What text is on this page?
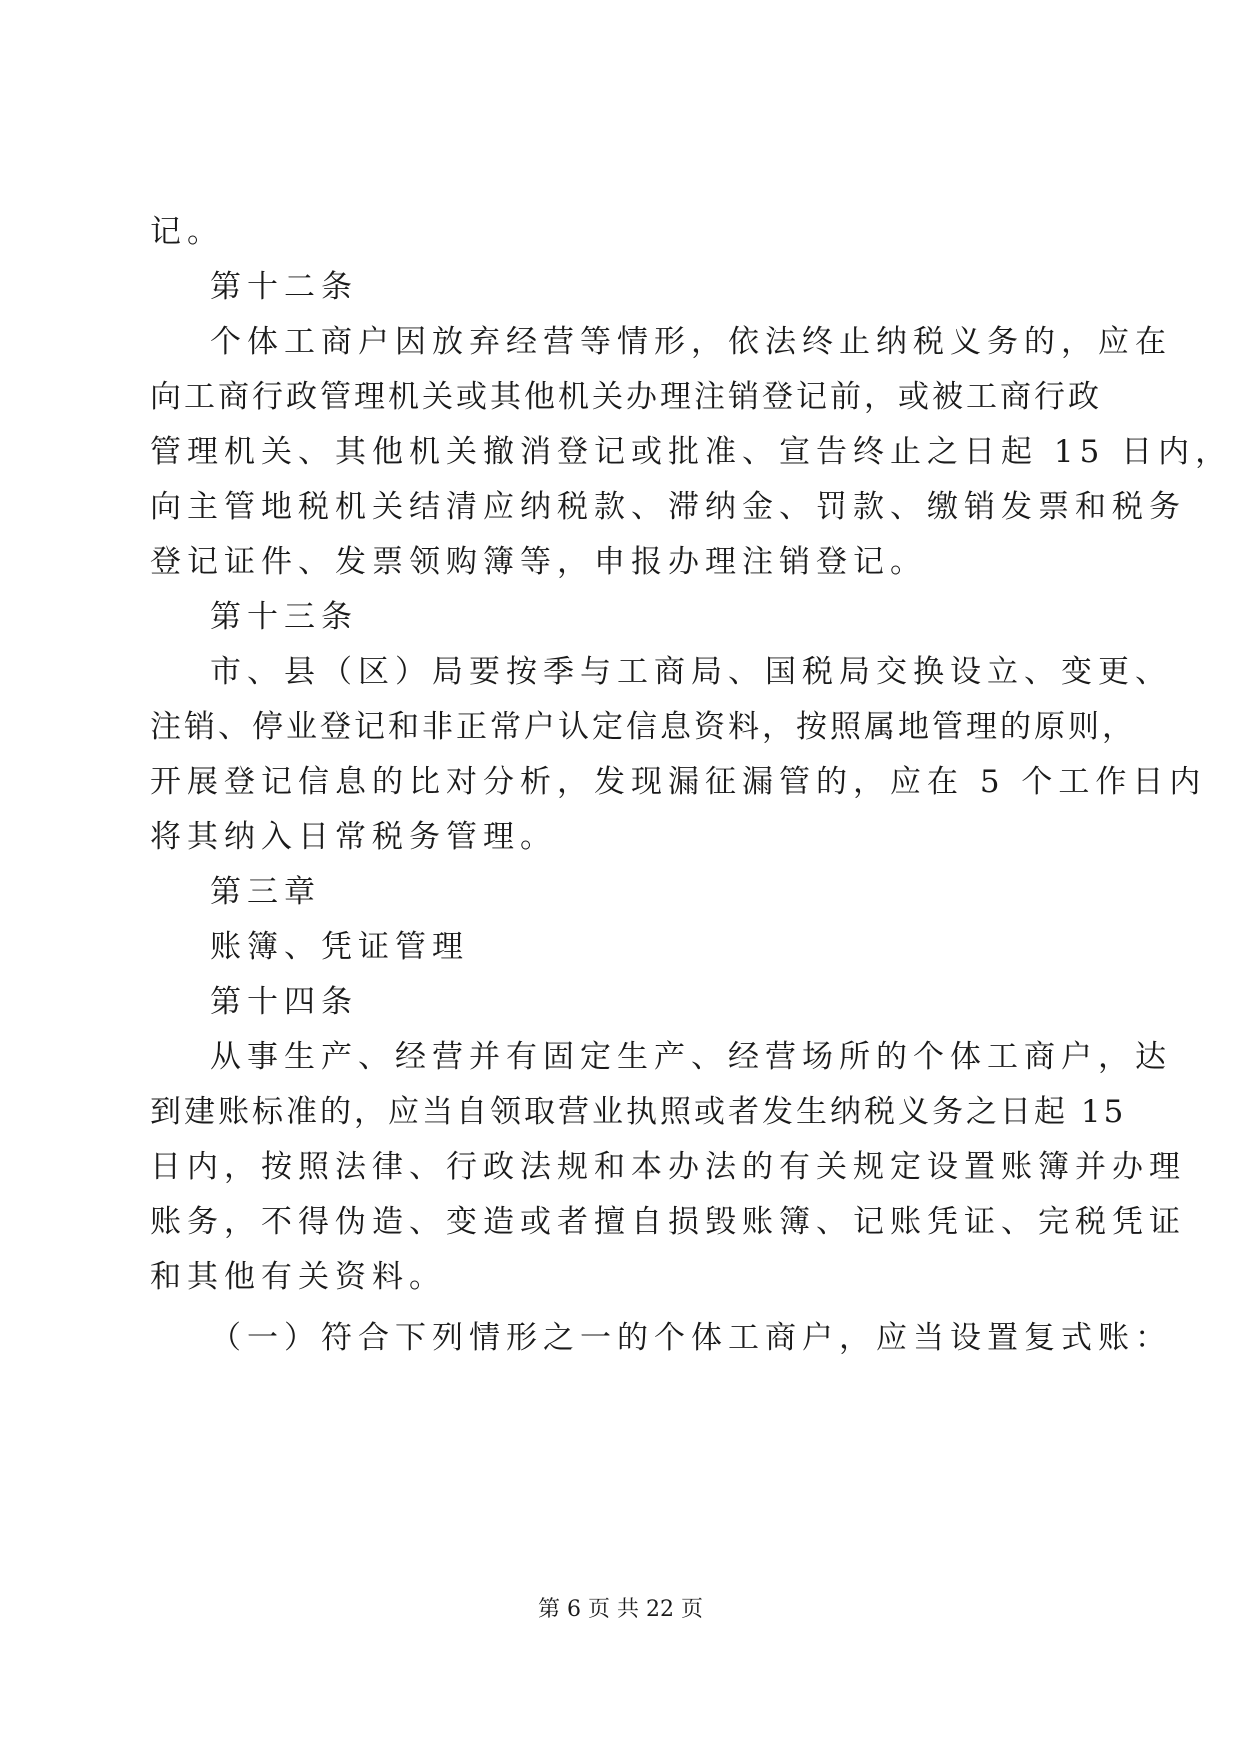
记。
第十二条
个体工商户因放弃经营等情形，依法终止纳税义务的，应在
向工商行政管理机关或其他机关办理注销登记前，或被工商行政
管理机关、其他机关撤消登记或批准、宣告终止之日起 15 日内，
向主管地税机关结清应纳税款、滞纳金、罚款、缴销发票和税务
登记证件、发票领购簿等，申报办理注销登记。
第十三条
市、县（区）局要按季与工商局、国税局交换设立、变更、
注销、停业登记和非正常户认定信息资料，按照属地管理的原则，
开展登记信息的比对分析，发现漏征漏管的，应在 5 个工作日内
将其纳入日常税务管理。
第三章
账簿、凭证管理
第十四条
从事生产、经营并有固定生产、经营场所的个体工商户，达
到建账标准的，应当自领取营业执照或者发生纳税义务之日起 15
日内，按照法律、行政法规和本办法的有关规定设置账簿并办理
账务，不得伪造、变造或者擅自损毁账簿、记账凭证、完税凭证
和其他有关资料。
（一）符合下列情形之一的个体工商户，应当设置复式账：
第 6 页 共 22 页
